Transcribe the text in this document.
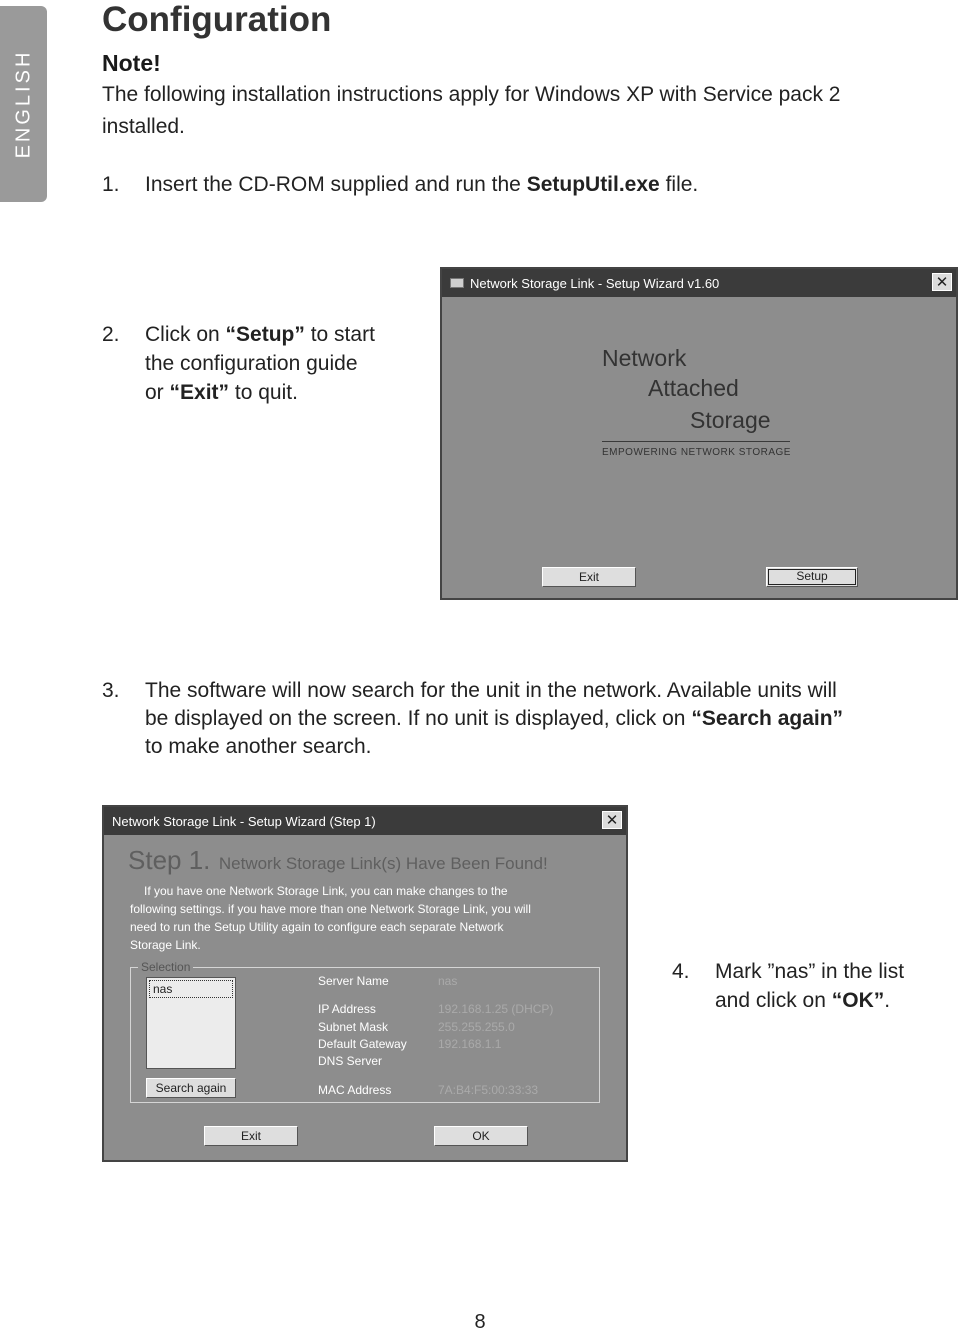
ENGLISH
Configuration
Note!
The following installation instructions apply for Windows XP with Service pack 2
installed.
1. Insert the CD-ROM supplied and run the SetupUtil.exe file.
2. Click on “Setup” to start
the configuration guide
or “Exit” to quit.
Network Storage Link - Setup Wizard v1.60	✕
Network
Attached
Storage
EMPOWERING NETWORK STORAGE
Exit	Setup
3. The software will now search for the unit in the network. Available units will
be displayed on the screen. If no unit is displayed, click on “Search again”
to make another search.
Network Storage Link - Setup Wizard (Step 1)	✕
Step 1. Network Storage Link(s) Have Been Found!
If you have one Network Storage Link, you can make changes to the
following settings. if you have more than one Network Storage Link, you will
need to run the Setup Utility again to configure each separate Network
Storage Link.
Selection
nas
Search again
Server Name	nas
IP Address	192.168.1.25 (DHCP)
Subnet Mask	255.255.255.0
Default Gateway	192.168.1.1
DNS Server
MAC Address	7A:B4:F5:00:33:33
Exit	OK
4. Mark ”nas” in the list
and click on “OK”.
8
